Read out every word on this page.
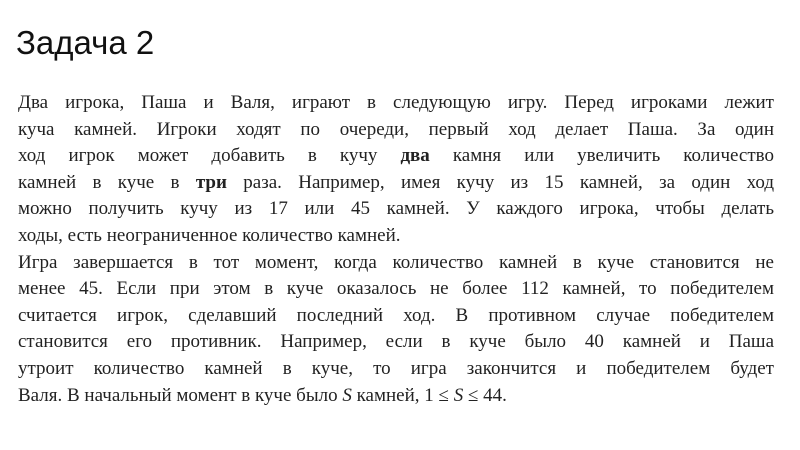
Задача 2
Два игрока, Паша и Валя, играют в следующую игру. Перед игроками лежит
куча камней. Игроки ходят по очереди, первый ход делает Паша. За один
ход игрок может добавить в кучу два камня или увеличить количество
камней в куче в три раза. Например, имея кучу из 15 камней, за один ход
можно получить кучу из 17 или 45 камней. У каждого игрока, чтобы делать
ходы, есть неограниченное количество камней.
Игра завершается в тот момент, когда количество камней в куче становится не
менее 45. Если при этом в куче оказалось не более 112 камней, то победителем
считается игрок, сделавший последний ход. В противном случае победителем
становится его противник. Например, если в куче было 40 камней и Паша
утроит количество камней в куче, то игра закончится и победителем будет
Валя. В начальный момент в куче было S камней, 1 ≤ S ≤ 44.
